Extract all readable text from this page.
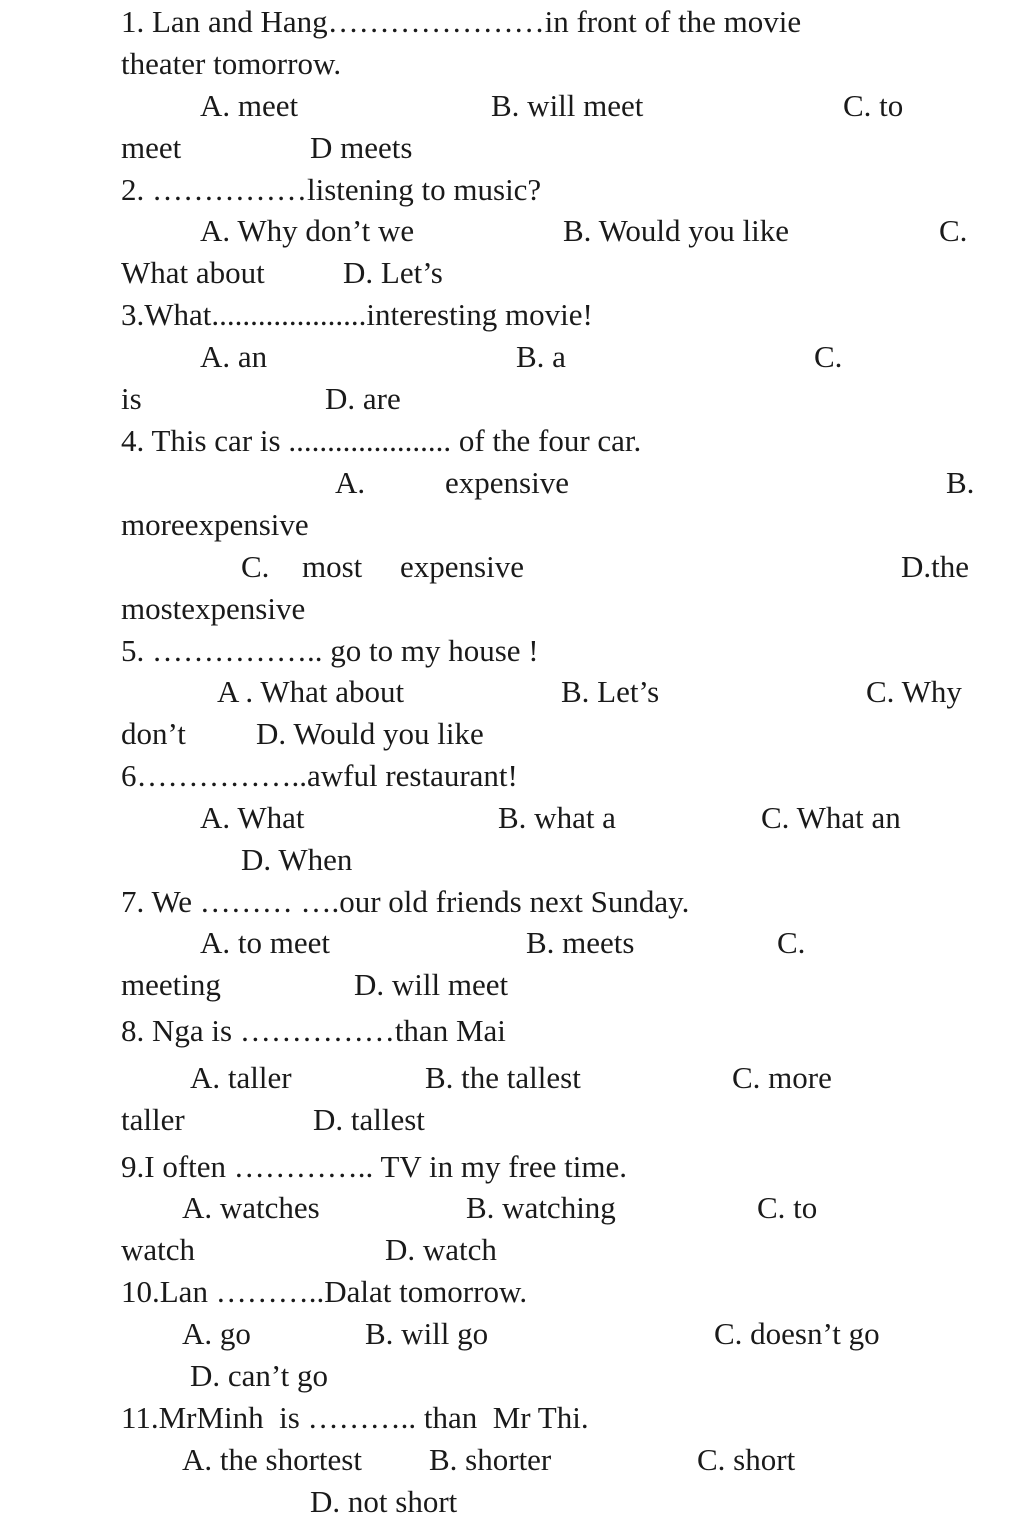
1. Lan and Hang…………………in front of the movie
theater tomorrow.
A. meet	B. will meet	C. to
meet	D meets
2. ……………listening to music?
A. Why don’t we	B. Would you like	C.
What about	D. Let’s
3.What....................interesting movie!
A. an	B. a	C.
is	D. are
4. This car is ..................... of the four car.
A.	expensive	B.
moreexpensive
C. most expensive	D.the
mostexpensive
5. …………….. go to my house !
A . What about	B. Let’s	C. Why
don’t D. Would you like
6……………..awful restaurant!
A. What	B. what a	C. What an
D. When
7. We ……… ….our old friends next Sunday.
A. to meet	B. meets	C.
meeting	D. will meet
8. Nga is ……………than Mai
A. taller	B. the tallest	C. more
taller	D. tallest
9.I often ………….. TV in my free time.
A. watches	B. watching	C. to
watch	D. watch
10.Lan ………..Dalat tomorrow.
A. go	B. will go	C. doesn’t go
D. can’t go
11.MrMinh  is ……….. than  Mr Thi.
A. the shortest B. shorter	C. short
D. not short
